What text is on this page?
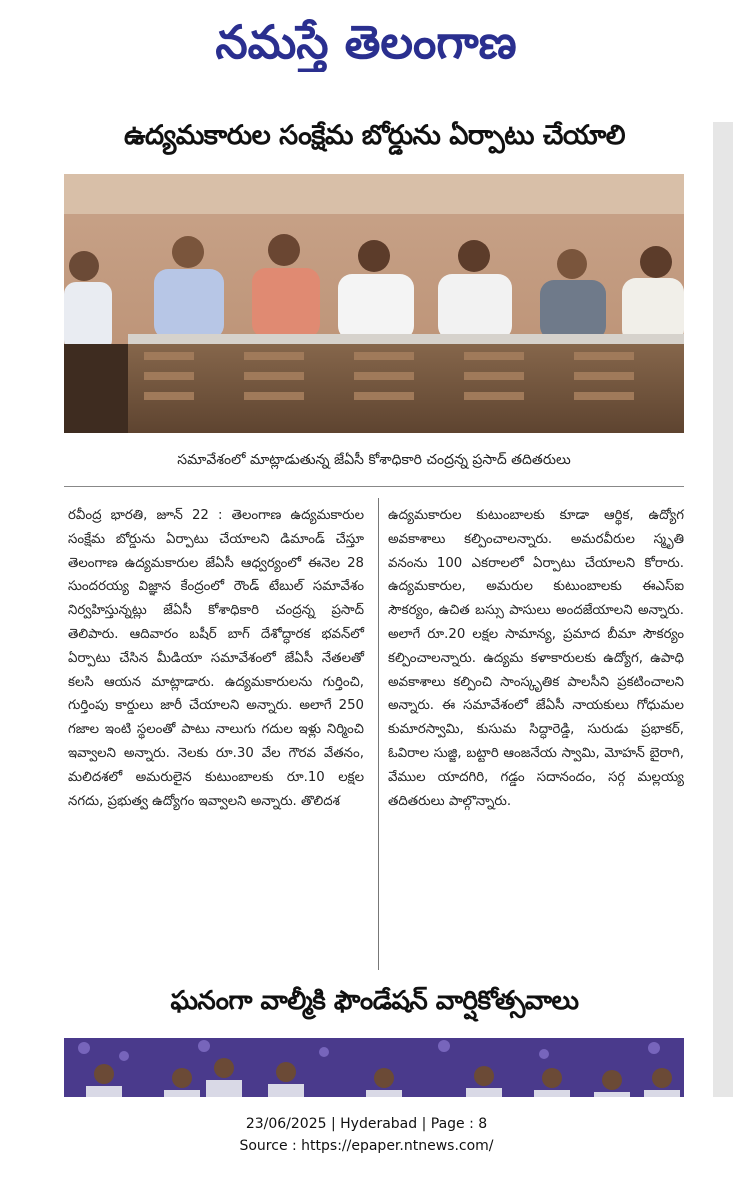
నమస్తే తెలంగాణ
ఉద్యమకారుల సంక్షేమ బోర్డును ఏర్పాటు చేయాలి
సమావేశంలో మాట్లాడుతున్న జేఏసీ కోశాధికారి చంద్రన్న ప్రసాద్ తదితరులు
రవీంద్ర భారతి, జూన్ 22 : తెలంగాణ ఉద్యమకారుల సంక్షేమ బోర్డును ఏర్పాటు చేయాలని డిమాండ్ చేస్తూ తెలంగాణ ఉద్యమకారుల జేఏసీ ఆధ్వర్యంలో ఈనెల 28 సుందరయ్య విజ్ఞాన కేంద్రంలో రౌండ్ టేబుల్ సమావేశం నిర్వహిస్తున్నట్లు జేఏసీ కోశాధికారి చంద్రన్న ప్రసాద్ తెలిపారు. ఆదివారం బషీర్ బాగ్ దేశోద్ధారక భవన్‌లో ఏర్పాటు చేసిన మీడియా సమావేశంలో జేఏసీ నేతలతో కలసి ఆయన మాట్లాడారు. ఉద్యమకారులను గుర్తించి, గుర్తింపు కార్డులు జారీ చేయాలని అన్నారు. అలాగే 250 గజాల ఇంటి స్థలంతో పాటు నాలుగు గదుల ఇళ్లు నిర్మించి ఇవ్వాలని అన్నారు. నెలకు రూ.30 వేల గౌరవ వేతనం, మలిదశలో అమరులైన కుటుంబాలకు రూ.10 లక్షల నగదు, ప్రభుత్వ ఉద్యోగం ఇవ్వాలని అన్నారు. తొలిదశ
ఉద్యమకారుల కుటుంబాలకు కూడా ఆర్థిక, ఉద్యోగ అవకాశాలు కల్పించాలన్నారు. అమరవీరుల స్మృతి వనంను 100 ఎకరాలలో ఏర్పాటు చేయాలని కోరారు. ఉద్యమకారుల, అమరుల కుటుంబాలకు ఈఎస్ఐ సౌకర్యం, ఉచిత బస్సు పాసులు అందజేయాలని అన్నారు. అలాగే రూ.20 లక్షల సామాన్య, ప్రమాద బీమా సౌకర్యం కల్పించాలన్నారు. ఉద్యమ కళాకారులకు ఉద్యోగ, ఉపాధి అవకాశాలు కల్పించి సాంస్కృతిక పాలసీని ప్రకటించాలని అన్నారు. ఈ సమావేశంలో జేఏసీ నాయకులు గోధుమల కుమారస్వామి, కుసుమ సిద్ధారెడ్డి, సురుడు ప్రభాకర్, ఓవిరాల సుజ్జి, బట్టారి ఆంజనేయ స్వామి, మోహన్ బైరాగి, వేముల యాదగిరి, గడ్డం సదానందం, సర్గ మల్లయ్య తదితరులు పాల్గొన్నారు.
ఘనంగా వాల్మీకి ఫౌండేషన్ వార్షికోత్సవాలు
23/06/2025 | Hyderabad | Page : 8
Source : https://epaper.ntnews.com/
